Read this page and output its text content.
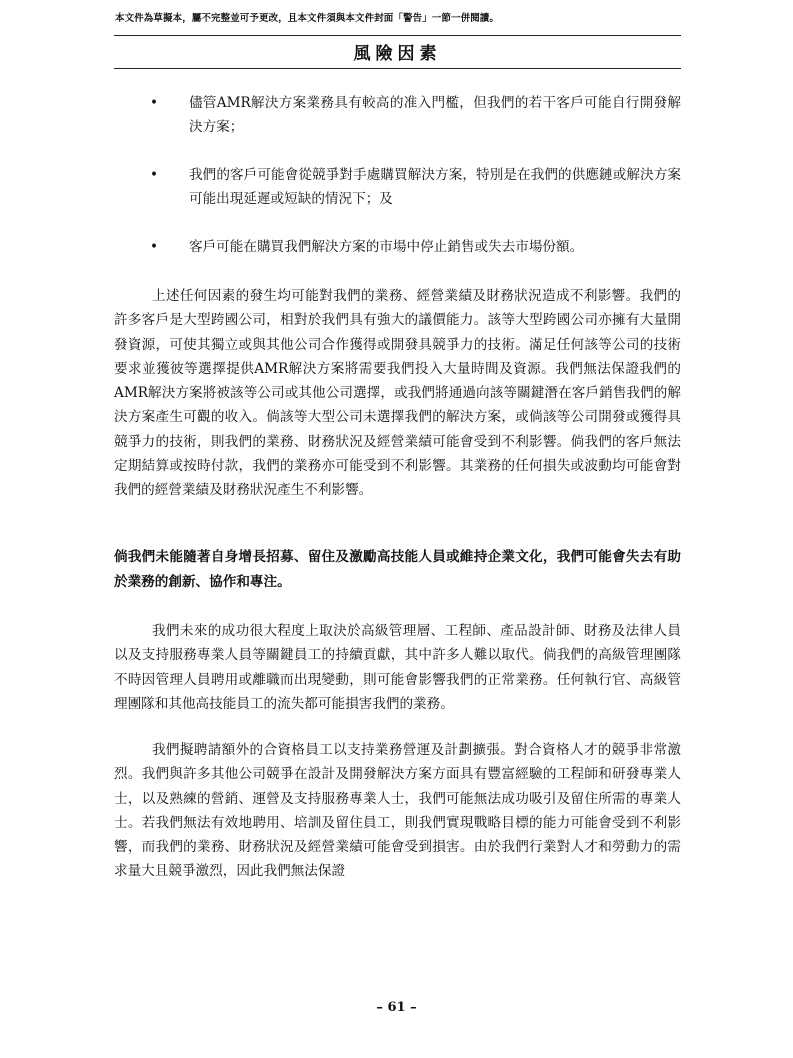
本文件為草擬本，屬不完整並可予更改，且本文件須與本文件封面「警告」一節一併閱讀。
風險因素
• 儘管AMR解決方案業務具有較高的准入門檻，但我們的若干客戶可能自行開發解決方案；
• 我們的客戶可能會從競爭對手處購買解決方案，特別是在我們的供應鏈或解決方案可能出現延遲或短缺的情況下；及
• 客戶可能在購買我們解決方案的市場中停止銷售或失去市場份額。
上述任何因素的發生均可能對我們的業務、經營業績及財務狀況造成不利影響。我們的許多客戶是大型跨國公司，相對於我們具有強大的議價能力。該等大型跨國公司亦擁有大量開發資源，可使其獨立或與其他公司合作獲得或開發具競爭力的技術。滿足任何該等公司的技術要求並獲彼等選擇提供AMR解決方案將需要我們投入大量時間及資源。我們無法保證我們的AMR解決方案將被該等公司或其他公司選擇，或我們將通過向該等關鍵潛在客戶銷售我們的解決方案產生可觀的收入。倘該等大型公司未選擇我們的解決方案，或倘該等公司開發或獲得具競爭力的技術，則我們的業務、財務狀況及經營業績可能會受到不利影響。倘我們的客戶無法定期結算或按時付款，我們的業務亦可能受到不利影響。其業務的任何損失或波動均可能會對我們的經營業績及財務狀況產生不利影響。
倘我們未能隨著自身增長招募、留住及激勵高技能人員或維持企業文化，我們可能會失去有助於業務的創新、協作和專注。
我們未來的成功很大程度上取決於高級管理層、工程師、產品設計師、財務及法律人員以及支持服務專業人員等關鍵員工的持續貢獻，其中許多人難以取代。倘我們的高級管理團隊不時因管理人員聘用或離職而出現變動，則可能會影響我們的正常業務。任何執行官、高級管理團隊和其他高技能員工的流失都可能損害我們的業務。
我們擬聘請額外的合資格員工以支持業務營運及計劃擴張。對合資格人才的競爭非常激烈。我們與許多其他公司競爭在設計及開發解決方案方面具有豐富經驗的工程師和研發專業人士，以及熟練的營銷、運營及支持服務專業人士，我們可能無法成功吸引及留住所需的專業人士。若我們無法有效地聘用、培訓及留住員工，則我們實現戰略目標的能力可能會受到不利影響，而我們的業務、財務狀況及經營業績可能會受到損害。由於我們行業對人才和勞動力的需求量大且競爭激烈，因此我們無法保證
– 61 –
